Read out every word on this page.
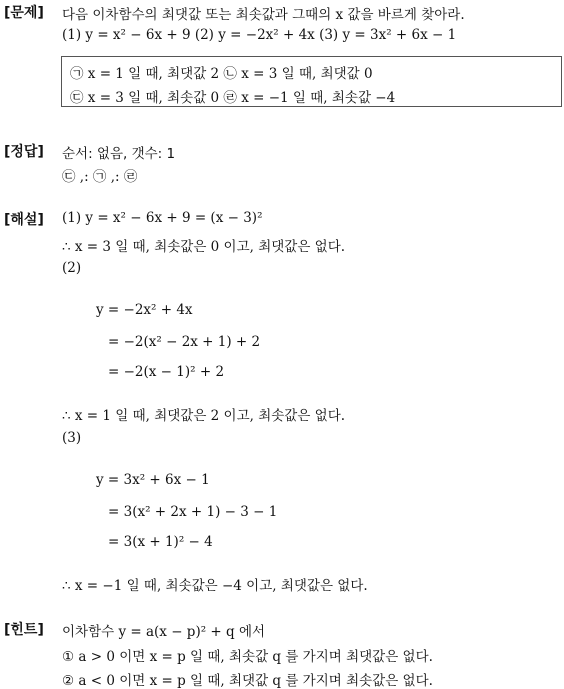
[문제] 다음 이차함수의 최댓값 또는 최솟값과 그때의 x 값을 바르게 찾아라.
(1) y = x² − 6x + 9 (2) y = −2x² + 4x (3) y = 3x² + 6x − 1
㉠ x = 1 일 때, 최댓값 2 ㉡ x = 3 일 때, 최댓값 0
㉢ x = 3 일 때, 최솟값 0 ㉣ x = −1 일 때, 최솟값 −4
[정답] 순서: 없음, 갯수: 1
㉢ ,: ㉠ ,: ㉣
[해설] (1) y = x² − 6x + 9 = (x − 3)²
∴ x = 3 일 때, 최솟값은 0 이고, 최댓값은 없다.
(2)
y = −2x² + 4x
= −2(x² − 2x + 1) + 2
= −2(x − 1)² + 2
∴ x = 1 일 때, 최댓값은 2 이고, 최솟값은 없다.
(3)
y = 3x² + 6x − 1
= 3(x² + 2x + 1) − 3 − 1
= 3(x + 1)² − 4
∴ x = −1 일 때, 최솟값은 −4 이고, 최댓값은 없다.
[힌트] 이차함수 y = a(x − p)² + q 에서
① a > 0 이면 x = p 일 때, 최솟값 q 를 가지며 최댓값은 없다.
② a < 0 이면 x = p 일 때, 최댓값 q 를 가지며 최솟값은 없다.
